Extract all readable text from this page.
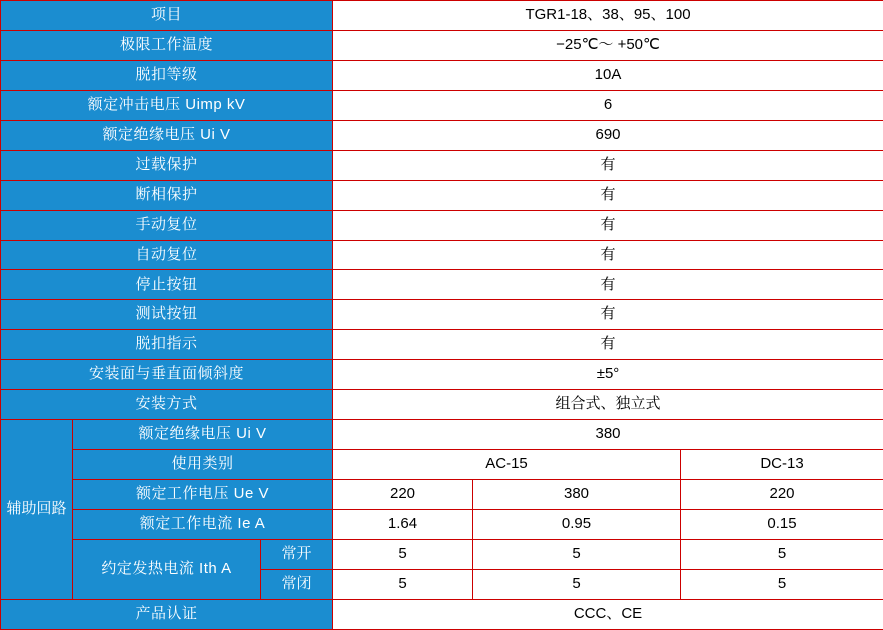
项目			TGR1-18、38、95、100		
极限工作温度			−25℃～ +50℃		
脱扣等级			10A		
额定冲击电压 Uimp kV			6		
额定绝缘电压 Ui V			690		
过载保护			有		
断相保护			有		
手动复位			有		
自动复位			有		
停止按钮			有		
测试按钮			有		
脱扣指示			有		
安装面与垂直面倾斜度			±5°		
安装方式			组合式、独立式		
辅助回路	额定绝缘电压 Ui V		380		
	使用类别		AC-15		DC-13
	额定工作电压 Ue V		220	380	220
	额定工作电流 Ie A		1.64	0.95	0.15
	约定发热电流 Ith A	常开	5	5	5
		常闭	5	5	5
产品认证			CCC、CE		
